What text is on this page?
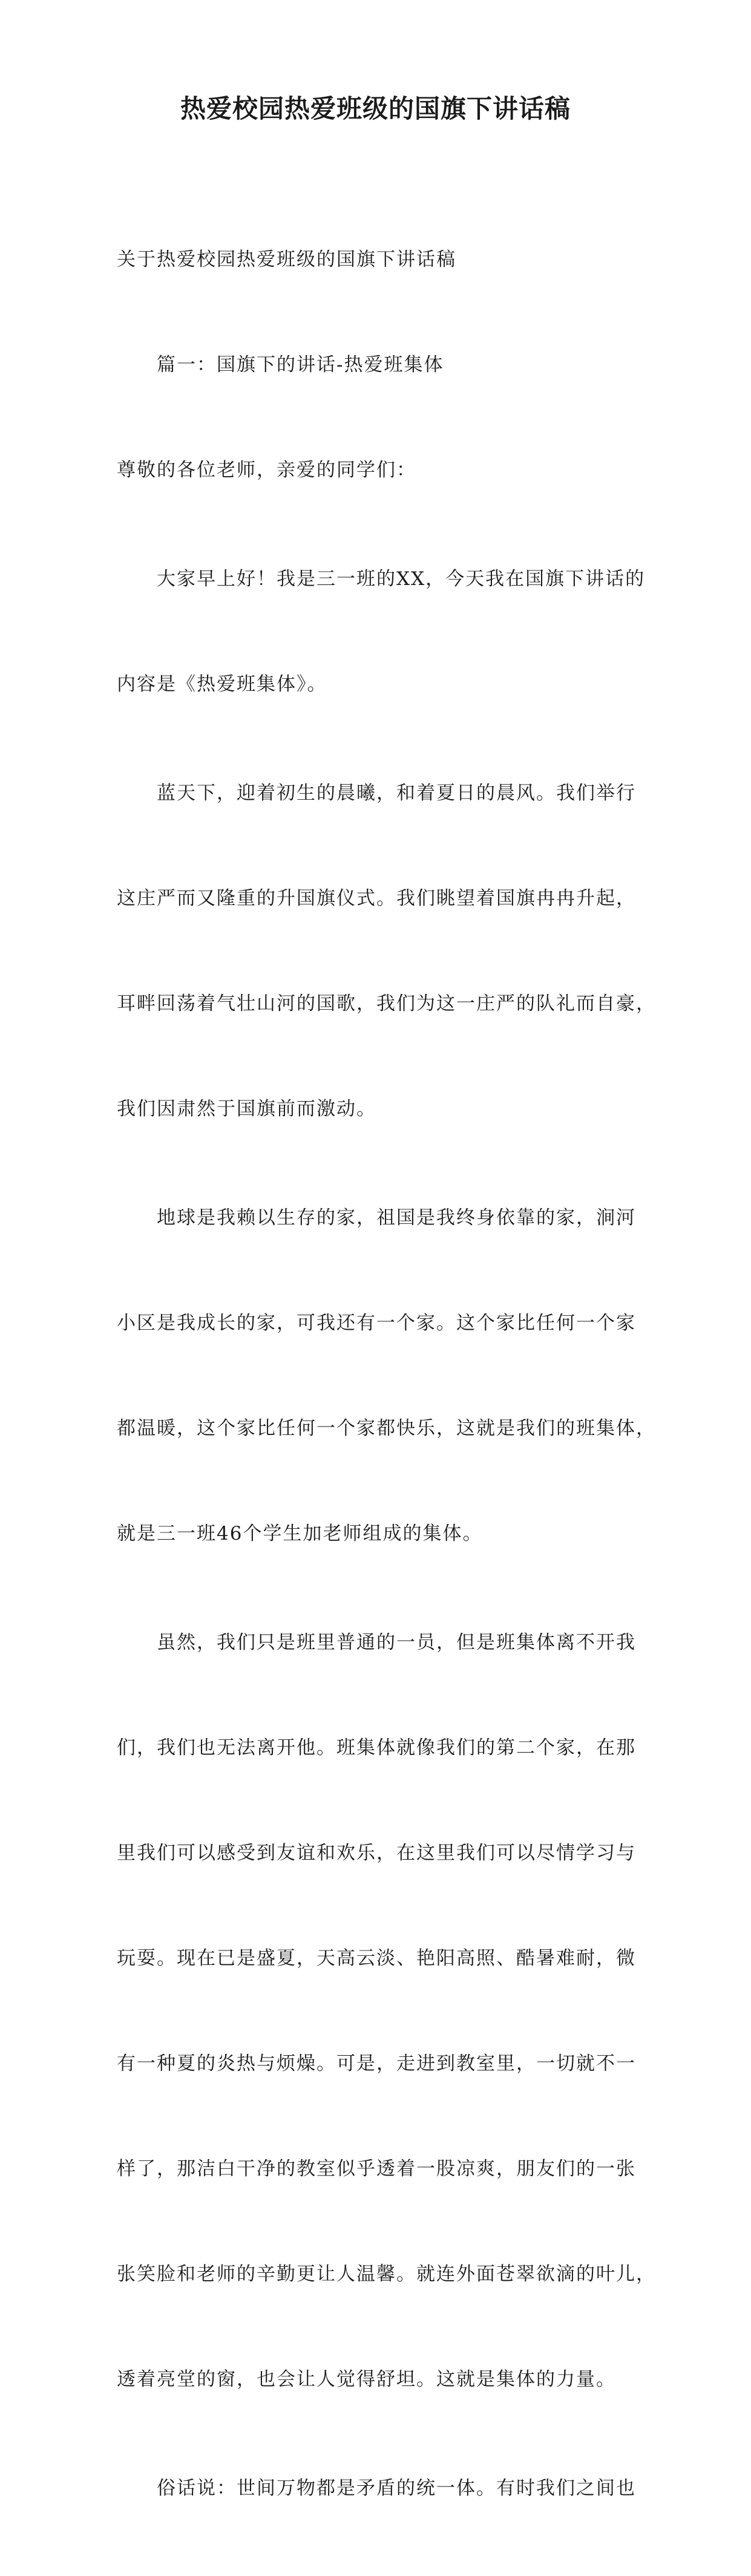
热爱校园热爱班级的国旗下讲话稿

关于热爱校园热爱班级的国旗下讲话稿

篇一：国旗下的讲话-热爱班集体

尊敬的各位老师，亲爱的同学们：

大家早上好！我是三一班的XX，今天我在国旗下讲话的

内容是《热爱班集体》。

蓝天下，迎着初生的晨曦，和着夏日的晨风。我们举行

这庄严而又隆重的升国旗仪式。我们眺望着国旗冉冉升起，

耳畔回荡着气壮山河的国歌，我们为这一庄严的队礼而自豪，

我们因肃然于国旗前而激动。

地球是我赖以生存的家，祖国是我终身依靠的家，涧河

小区是我成长的家，可我还有一个家。这个家比任何一个家

都温暖，这个家比任何一个家都快乐，这就是我们的班集体，

就是三一班46个学生加老师组成的集体。

虽然，我们只是班里普通的一员，但是班集体离不开我

们，我们也无法离开他。班集体就像我们的第二个家，在那

里我们可以感受到友谊和欢乐，在这里我们可以尽情学习与

玩耍。现在已是盛夏，天高云淡、艳阳高照、酷暑难耐，微

有一种夏的炎热与烦燥。可是，走进到教室里，一切就不一

样了，那洁白干净的教室似乎透着一股凉爽，朋友们的一张

张笑脸和老师的辛勤更让人温馨。就连外面苍翠欲滴的叶儿，

透着亮堂的窗，也会让人觉得舒坦。这就是集体的力量。

俗话说：世间万物都是矛盾的统一体。有时我们之间也
